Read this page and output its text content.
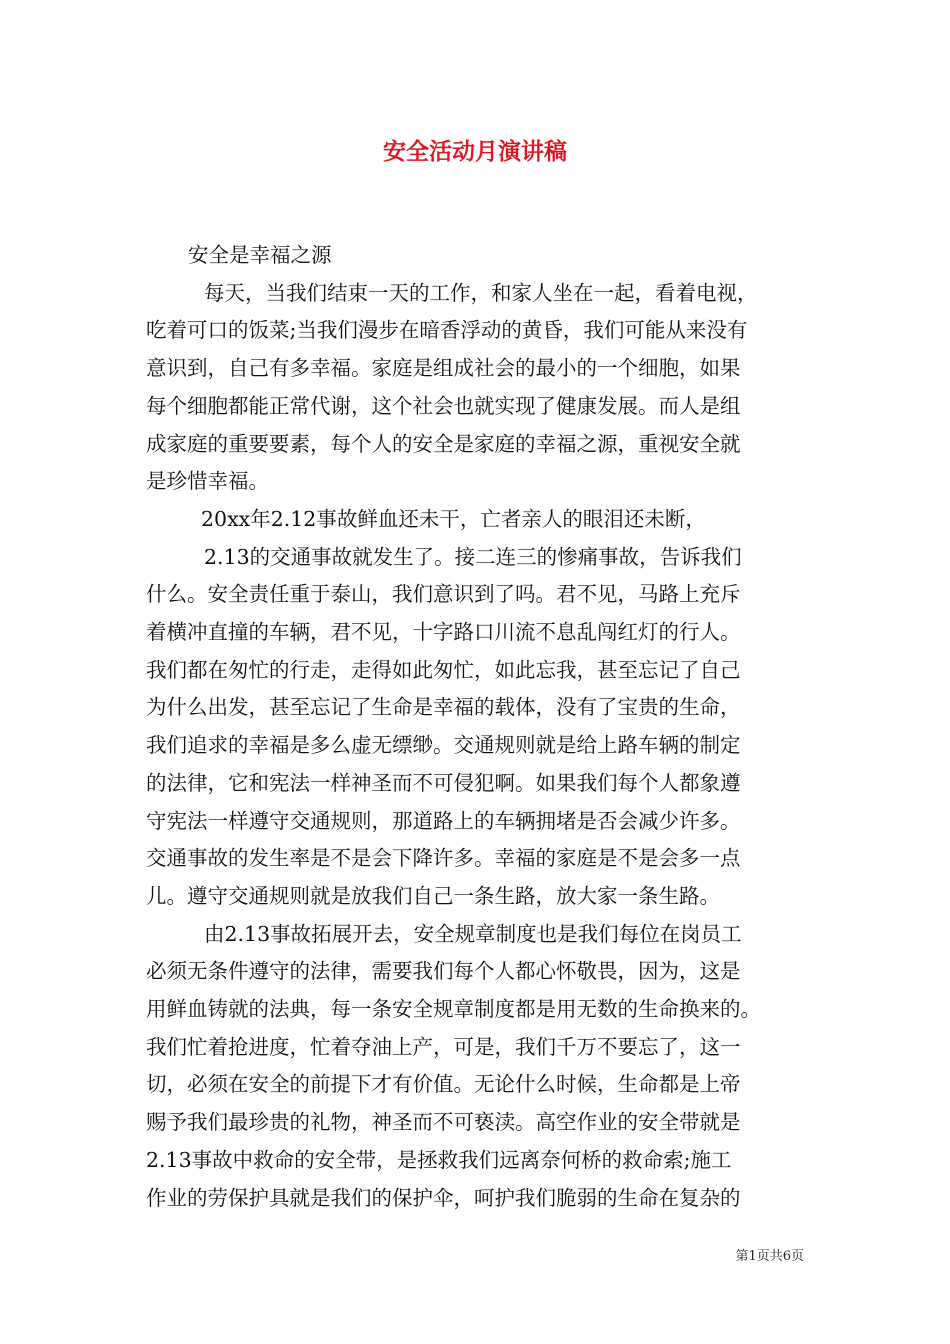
安全活动月演讲稿

安全是幸福之源

每天，当我们结束一天的工作，和家人坐在一起，看着电视，

吃着可口的饭菜;当我们漫步在暗香浮动的黄昏，我们可能从来没有

意识到，自己有多幸福。家庭是组成社会的最小的一个细胞，如果

每个细胞都能正常代谢，这个社会也就实现了健康发展。而人是组

成家庭的重要要素，每个人的安全是家庭的幸福之源，重视安全就

是珍惜幸福。

20xx年2.12事故鲜血还未干，亡者亲人的眼泪还未断，

2.13的交通事故就发生了。接二连三的惨痛事故，告诉我们

什么。安全责任重于泰山，我们意识到了吗。君不见，马路上充斥

着横冲直撞的车辆，君不见，十字路口川流不息乱闯红灯的行人。

我们都在匆忙的行走，走得如此匆忙，如此忘我，甚至忘记了自己

为什么出发，甚至忘记了生命是幸福的载体，没有了宝贵的生命，

我们追求的幸福是多么虚无缥缈。交通规则就是给上路车辆的制定

的法律，它和宪法一样神圣而不可侵犯啊。如果我们每个人都象遵

守宪法一样遵守交通规则，那道路上的车辆拥堵是否会减少许多。

交通事故的发生率是不是会下降许多。幸福的家庭是不是会多一点

儿。遵守交通规则就是放我们自己一条生路，放大家一条生路。

由2.13事故拓展开去，安全规章制度也是我们每位在岗员工

必须无条件遵守的法律，需要我们每个人都心怀敬畏，因为，这是

用鲜血铸就的法典，每一条安全规章制度都是用无数的生命换来的。

我们忙着抢进度，忙着夺油上产，可是，我们千万不要忘了，这一

切，必须在安全的前提下才有价值。无论什么时候，生命都是上帝

赐予我们最珍贵的礼物，神圣而不可亵渎。高空作业的安全带就是

2.13事故中救命的安全带，是拯救我们远离奈何桥的救命索;施工

作业的劳保护具就是我们的保护伞，呵护我们脆弱的生命在复杂的

第1页共6页
